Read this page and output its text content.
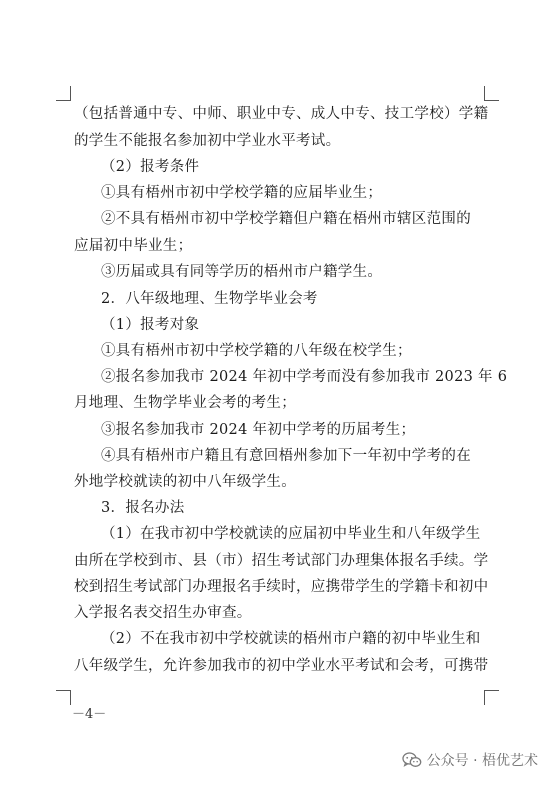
（包括普通中专、中师、职业中专、成人中专、技工学校）学籍
的学生不能报名参加初中学业水平考试。
（2）报考条件
①具有梧州市初中学校学籍的应届毕业生；
②不具有梧州市初中学校学籍但户籍在梧州市辖区范围的
应届初中毕业生；
③历届或具有同等学历的梧州市户籍学生。
2．八年级地理、生物学毕业会考
（1）报考对象
①具有梧州市初中学校学籍的八年级在校学生；
②报名参加我市 2024 年初中学考而没有参加我市 2023 年 6
月地理、生物学毕业会考的考生；
③报名参加我市 2024 年初中学考的历届考生；
④具有梧州市户籍且有意回梧州参加下一年初中学考的在
外地学校就读的初中八年级学生。
3．报名办法
（1）在我市初中学校就读的应届初中毕业生和八年级学生
由所在学校到市、县（市）招生考试部门办理集体报名手续。学
校到招生考试部门办理报名手续时，应携带学生的学籍卡和初中
入学报名表交招生办审查。
（2）不在我市初中学校就读的梧州市户籍的初中毕业生和
八年级学生，允许参加我市的初中学业水平考试和会考，可携带
－4－
公众号 · 梧优艺术
